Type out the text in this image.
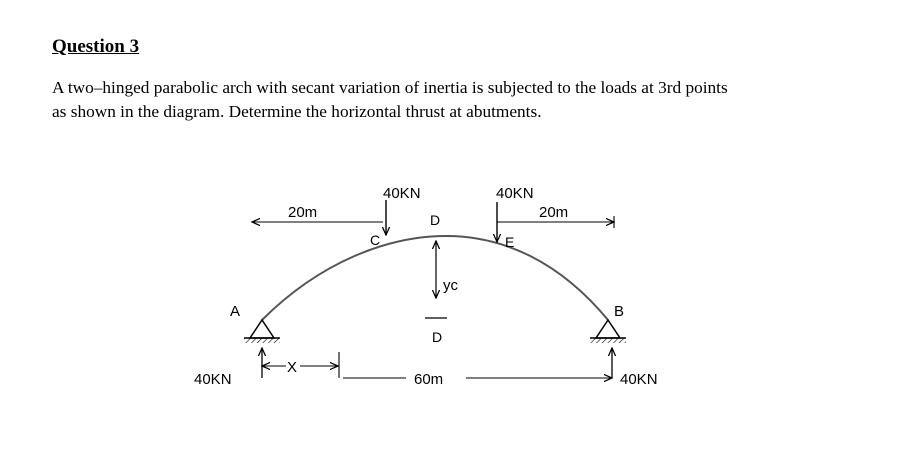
Question 3
A two–hinged parabolic arch with secant variation of inertia is subjected to the loads at 3rd points
as shown in the diagram. Determine the horizontal thrust at abutments.
A	B
40KN
C
40KN
E
20m	20m
D
yc
D
60m
40KN	40KN
X
